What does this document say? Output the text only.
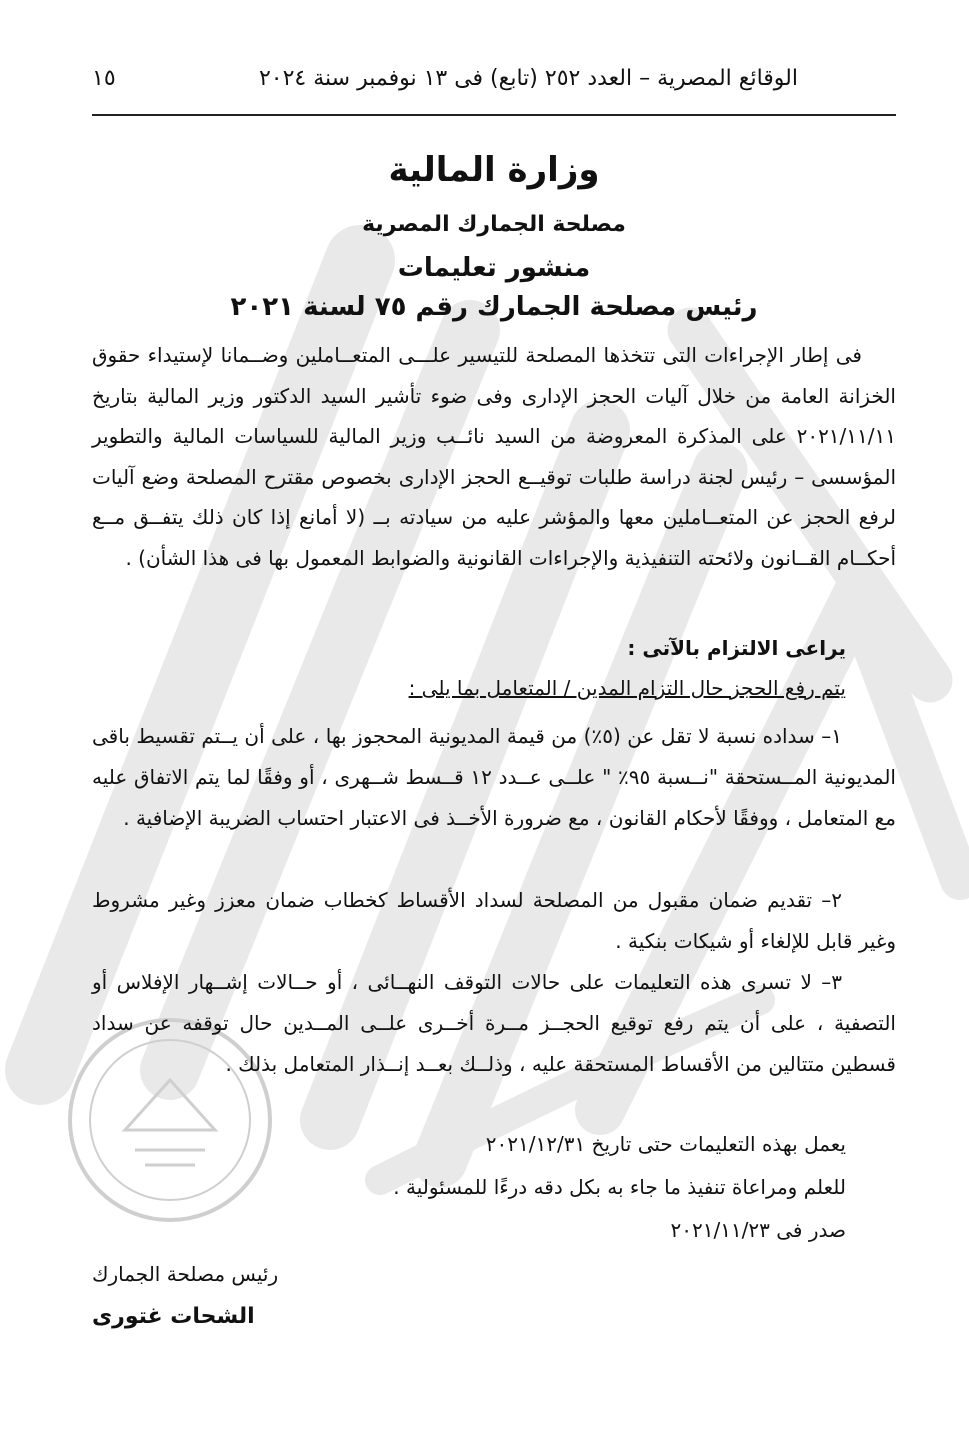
الوقائع المصرية – العدد ٢٥٢ (تابع) فى ١٣ نوفمبر سنة ٢٠٢٤
١٥
وزارة المالية
مصلحة الجمارك المصرية
منشور تعليمات
رئيس مصلحة الجمارك رقم ٧٥ لسنة ٢٠٢١

فى إطار الإجراءات التى تتخذها المصلحة للتيسير علـــى المتعــاملين وضــمانا لإستيداء حقوق الخزانة العامة من خلال آليات الحجز الإدارى وفى ضوء تأشير السيد الدكتور وزير المالية بتاريخ ٢٠٢١/١١/١١ على المذكرة المعروضة من السيد نائــب وزير المالية للسياسات المالية والتطوير المؤسسى – رئيس لجنة دراسة طلبات توقيــع الحجز الإدارى بخصوص مقترح المصلحة وضع آليات لرفع الحجز عن المتعــاملين معها والمؤشر عليه من سيادته بــ (لا أمانع إذا كان ذلك يتفــق مــع أحكــام القــانون ولائحته التنفيذية والإجراءات القانونية والضوابط المعمول بها فى هذا الشأن) .

يراعى الالتزام بالآتى :
يتم رفع الحجز حال التزام المدين / المتعامل بما يلى :

١– سداده نسبة لا تقل عن (٥٪) من قيمة المديونية المحجوز بها ، على أن يــتم تقسيط باقى المديونية المــستحقة "نــسبة ٩٥٪ " علــى عــدد ١٢ قــسط شــهرى ، أو وفقًا لما يتم الاتفاق عليه مع المتعامل ، ووفقًا لأحكام القانون ، مع ضرورة الأخــذ فى الاعتبار احتساب الضريبة الإضافية .

٢– تقديم ضمان مقبول من المصلحة لسداد الأقساط كخطاب ضمان معزز وغير مشروط وغير قابل للإلغاء أو شيكات بنكية .

٣– لا تسرى هذه التعليمات على حالات التوقف النهــائى ، أو حــالات إشــهار الإفلاس أو التصفية ، على أن يتم رفع توقيع الحجــز مــرة أخــرى علــى المــدين حال توقفه عن سداد قسطين متتالين من الأقساط المستحقة عليه ، وذلــك بعــد إنــذار المتعامل بذلك .

يعمل بهذه التعليمات حتى تاريخ ٢٠٢١/١٢/٣١
للعلم ومراعاة تنفيذ ما جاء به بكل دقه درءًا للمسئولية .
صدر فى ٢٠٢١/١١/٢٣
رئيس مصلحة الجمارك
الشحات غتورى
